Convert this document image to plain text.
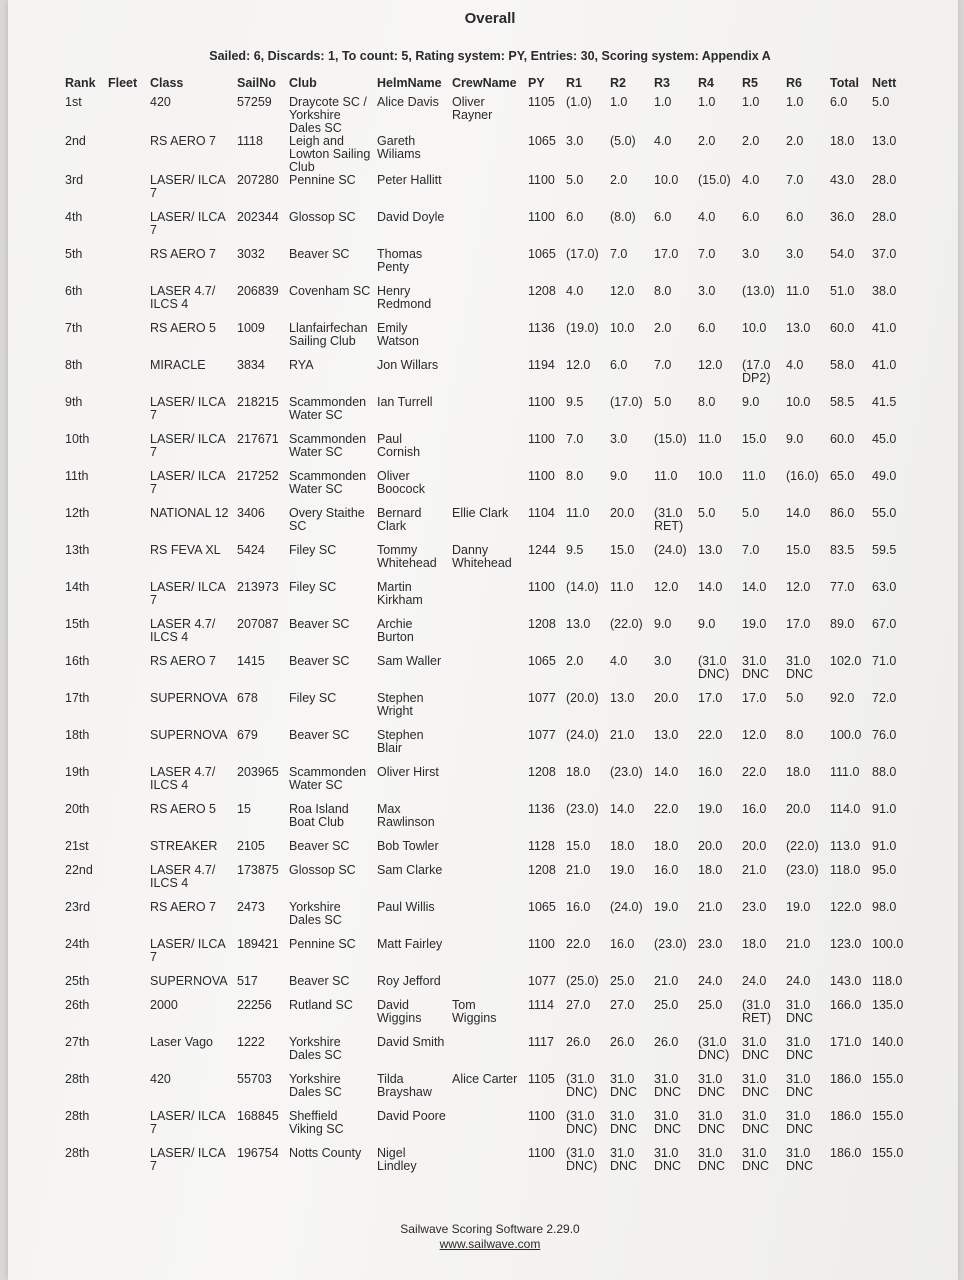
Overall
Sailed: 6, Discards: 1, To count: 5, Rating system: PY, Entries: 30, Scoring system: Appendix A
Rank	Fleet	Class	SailNo	Club	HelmName	CrewName	PY	R1	R2	R3	R4	R5	R6	Total	Nett
1st		420	57259	Draycote SC / Yorkshire Dales SC	Alice Davis	Oliver Rayner	1105	(1.0)	1.0	1.0	1.0	1.0	1.0	6.0	5.0
2nd		RS AERO 7	1118	Leigh and Lowton Sailing Club	Gareth Wiliams		1065	3.0	(5.0)	4.0	2.0	2.0	2.0	18.0	13.0
3rd		LASER/ ILCA 7	207280	Pennine SC	Peter Hallitt		1100	5.0	2.0	10.0	(15.0)	4.0	7.0	43.0	28.0
4th		LASER/ ILCA 7	202344	Glossop SC	David Doyle		1100	6.0	(8.0)	6.0	4.0	6.0	6.0	36.0	28.0
5th		RS AERO 7	3032	Beaver SC	Thomas Penty		1065	(17.0)	7.0	17.0	7.0	3.0	3.0	54.0	37.0
6th		LASER 4.7/ ILCS 4	206839	Covenham SC	Henry Redmond		1208	4.0	12.0	8.0	3.0	(13.0)	11.0	51.0	38.0
7th		RS AERO 5	1009	Llanfairfechan Sailing Club	Emily Watson		1136	(19.0)	10.0	2.0	6.0	10.0	13.0	60.0	41.0
8th		MIRACLE	3834	RYA	Jon Willars		1194	12.0	6.0	7.0	12.0	(17.0 DP2)	4.0	58.0	41.0
9th		LASER/ ILCA 7	218215	Scammonden Water SC	Ian Turrell		1100	9.5	(17.0)	5.0	8.0	9.0	10.0	58.5	41.5
10th		LASER/ ILCA 7	217671	Scammonden Water SC	Paul Cornish		1100	7.0	3.0	(15.0)	11.0	15.0	9.0	60.0	45.0
11th		LASER/ ILCA 7	217252	Scammonden Water SC	Oliver Boocock		1100	8.0	9.0	11.0	10.0	11.0	(16.0)	65.0	49.0
12th		NATIONAL 12	3406	Overy Staithe SC	Bernard Clark	Ellie Clark	1104	11.0	20.0	(31.0 RET)	5.0	5.0	14.0	86.0	55.0
13th		RS FEVA XL	5424	Filey SC	Tommy Whitehead	Danny Whitehead	1244	9.5	15.0	(24.0)	13.0	7.0	15.0	83.5	59.5
14th		LASER/ ILCA 7	213973	Filey SC	Martin Kirkham		1100	(14.0)	11.0	12.0	14.0	14.0	12.0	77.0	63.0
15th		LASER 4.7/ ILCS 4	207087	Beaver SC	Archie Burton		1208	13.0	(22.0)	9.0	9.0	19.0	17.0	89.0	67.0
16th		RS AERO 7	1415	Beaver SC	Sam Waller		1065	2.0	4.0	3.0	(31.0 DNC)	31.0 DNC	31.0 DNC	102.0	71.0
17th		SUPERNOVA	678	Filey SC	Stephen Wright		1077	(20.0)	13.0	20.0	17.0	17.0	5.0	92.0	72.0
18th		SUPERNOVA	679	Beaver SC	Stephen Blair		1077	(24.0)	21.0	13.0	22.0	12.0	8.0	100.0	76.0
19th		LASER 4.7/ ILCS 4	203965	Scammonden Water SC	Oliver Hirst		1208	18.0	(23.0)	14.0	16.0	22.0	18.0	111.0	88.0
20th		RS AERO 5	15	Roa Island Boat Club	Max Rawlinson		1136	(23.0)	14.0	22.0	19.0	16.0	20.0	114.0	91.0
21st		STREAKER	2105	Beaver SC	Bob Towler		1128	15.0	18.0	18.0	20.0	20.0	(22.0)	113.0	91.0
22nd		LASER 4.7/ ILCS 4	173875	Glossop SC	Sam Clarke		1208	21.0	19.0	16.0	18.0	21.0	(23.0)	118.0	95.0
23rd		RS AERO 7	2473	Yorkshire Dales SC	Paul Willis		1065	16.0	(24.0)	19.0	21.0	23.0	19.0	122.0	98.0
24th		LASER/ ILCA 7	189421	Pennine SC	Matt Fairley		1100	22.0	16.0	(23.0)	23.0	18.0	21.0	123.0	100.0
25th		SUPERNOVA	517	Beaver SC	Roy Jefford		1077	(25.0)	25.0	21.0	24.0	24.0	24.0	143.0	118.0
26th		2000	22256	Rutland SC	David Wiggins	Tom Wiggins	1114	27.0	27.0	25.0	25.0	(31.0 RET)	31.0 DNC	166.0	135.0
27th		Laser Vago	1222	Yorkshire Dales SC	David Smith		1117	26.0	26.0	26.0	(31.0 DNC)	31.0 DNC	31.0 DNC	171.0	140.0
28th		420	55703	Yorkshire Dales SC	Tilda Brayshaw	Alice Carter	1105	(31.0 DNC)	31.0 DNC	31.0 DNC	31.0 DNC	31.0 DNC	31.0 DNC	186.0	155.0
28th		LASER/ ILCA 7	168845	Sheffield Viking SC	David Poore		1100	(31.0 DNC)	31.0 DNC	31.0 DNC	31.0 DNC	31.0 DNC	31.0 DNC	186.0	155.0
28th		LASER/ ILCA 7	196754	Notts County	Nigel Lindley		1100	(31.0 DNC)	31.0 DNC	31.0 DNC	31.0 DNC	31.0 DNC	31.0 DNC	186.0	155.0
Sailwave Scoring Software 2.29.0
www.sailwave.com
